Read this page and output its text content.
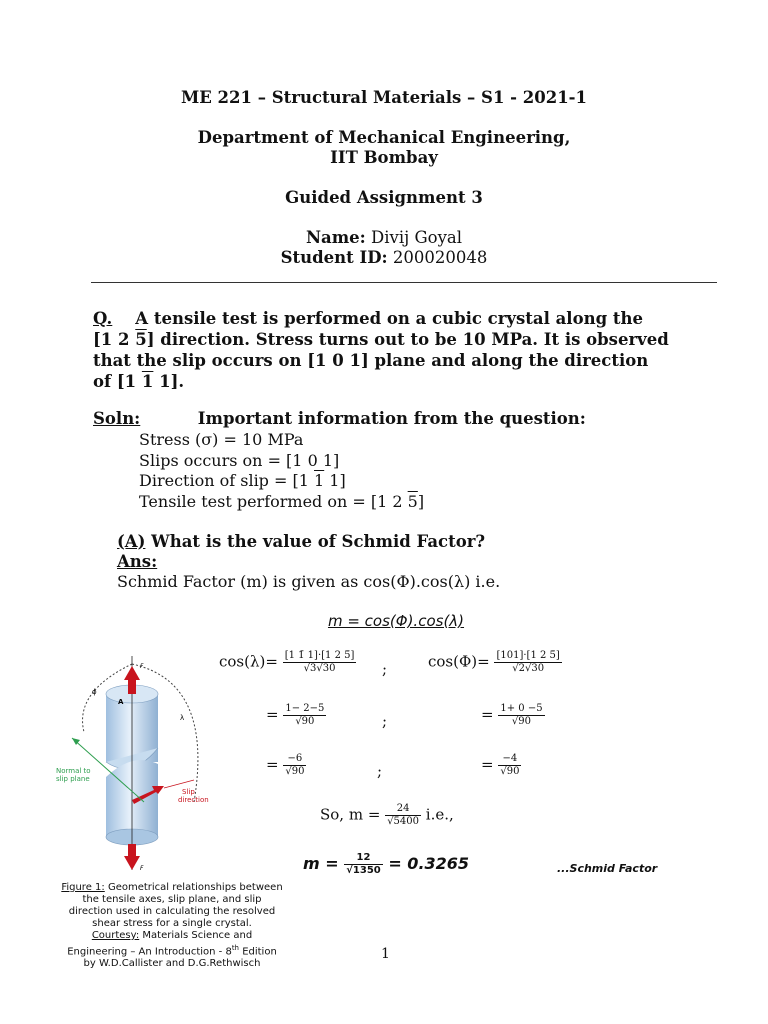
ME 221 – Structural Materials – S1 - 2021-1
Department of Mechanical Engineering,
IIT Bombay
Guided Assignment 3
Name: Divij Goyal
Student ID: 200020048
Q. A tensile test is performed on a cubic crystal along the
[1 2 5] direction. Stress turns out to be 10 MPa. It is observed
that the slip occurs on [1 0 1] plane and along the direction
of [1 1 1].
Soln:	Important information from the question:
Stress (σ) = 10 MPa
Slips occurs on = [1 0 1]
Direction of slip = [1 1 1]
Tensile test performed on = [1 2 5]
(A) What is the value of Schmid Factor?
Ans:
Schmid Factor (m) is given as cos(Φ).cos(λ) i.e.
m = cos(Φ).cos(λ)
$\cos(\lambda)= \frac{[1 1̄ 1]\cdot[1 2 5̄]}{√3√30}$ ;	$\cos(\Phi)= \frac{[101]\cdot[1 2 5̄]}{√2√30}$
= $\frac{1- 2-5}{√90}$	;	= $\frac{1+ 0 -5}{√90}$
= $\frac{-6}{√90}$	;	= $\frac{-4}{√90}$
So, $m = \frac{24}{√5400} i.e$.,
$m = \frac{12}{√1350} = 0.3265$	...Schmid Factor
A
F
F
ϕ
λ
Normal to
slip plane
Slip
direction
Figure 1: Geometrical relationships between
the tensile axes, slip plane, and slip
direction used in calculating the resolved
shear stress for a single crystal.
Courtesy: Materials Science and
Engineering – An Introduction - 8th Edition
by W.D.Callister and D.G.Rethwisch
1
